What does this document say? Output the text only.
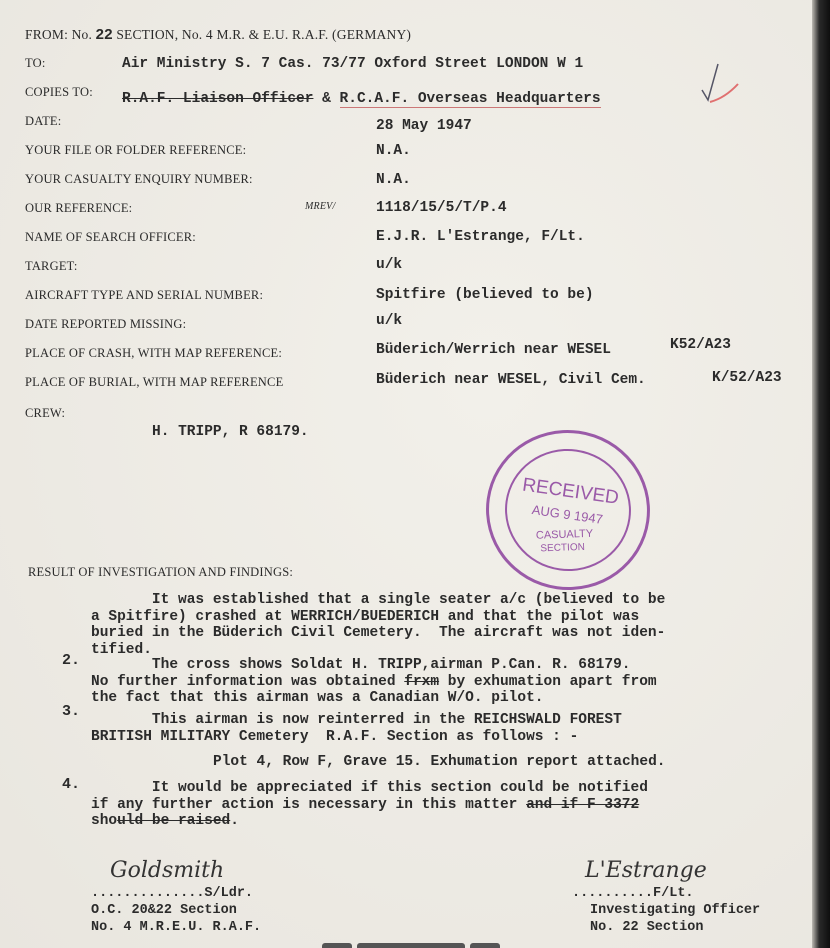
FROM: No. 22 SECTION, No. 4 M.R. & E.U. R.A.F. (GERMANY)
TO:	Air Ministry S. 7 Cas. 73/77 Oxford Street LONDON W 1
COPIES TO: R.A.F. Liaison Officer & R.C.A.F. Overseas Headquarters
DATE:	28 May 1947
YOUR FILE OR FOLDER REFERENCE:	N.A.
YOUR CASUALTY ENQUIRY NUMBER:	N.A.
OUR REFERENCE:	MREV/	1118/15/5/T/P.4
NAME OF SEARCH OFFICER:	E.J.R. L'Estrange, F/Lt.
TARGET:	u/k
AIRCRAFT TYPE AND SERIAL NUMBER:	Spitfire (believed to be)
DATE REPORTED MISSING:	u/k
PLACE OF CRASH, WITH MAP REFERENCE:	Büderich/Werrich near WESEL	K52/A23
PLACE OF BURIAL, WITH MAP REFERENCE	Büderich near WESEL, Civil Cem.	K/52/A23
CREW:
H. TRIPP, R 68179.
RECEIVED
AUG 9 1947
CASUALTY
SECTION
RESULT OF INVESTIGATION AND FINDINGS:
It was established that a single seater a/c (believed to be
a Spitfire) crashed at WERRICH/BUEDERICH and that the pilot was
buried in the Büderich Civil Cemetery.  The aircraft was not iden-
tified.
2.	The cross shows Soldat H. TRIPP,airman P.Can. R. 68179.
No further information was obtained frxm by exhumation apart from
the fact that this airman was a Canadian W/O. pilot.
3.	This airman is now reinterred in the REICHSWALD FOREST
BRITISH MILITARY Cemetery  R.A.F. Section as follows : -
Plot 4, Row F, Grave 15. Exhumation report attached.
4.	It would be appreciated if this section could be notified
if any further action is necessary in this matter and if F 3372
should be raised.
Goldsmith
..............S/Ldr.
O.C. 20&22 Section
No. 4 M.R.E.U. R.A.F.
L'Estrange
..........F/Lt.
Investigating Officer
No. 22 Section
